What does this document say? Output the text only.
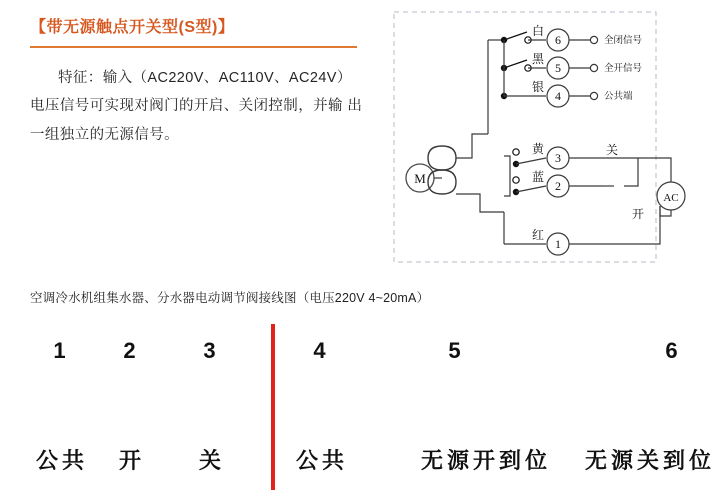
【带无源触点开关型(S型)】
特征：输入（AC220V、AC110V、AC24V）
电压信号可实现对阀门的开启、关闭控制，并输 出一组独立的无源信号。
空调冷水机组集水器、分水器电动调节阀接线图（电压220V 4~20mA）
M
6
5
4
3
2
1
白
黑
银
黄
蓝
红
AC
全闭信号
全开信号
公共端
关
开
1	2	3	4	5	6
公共	开	关	公共	无源开到位	无源关到位
